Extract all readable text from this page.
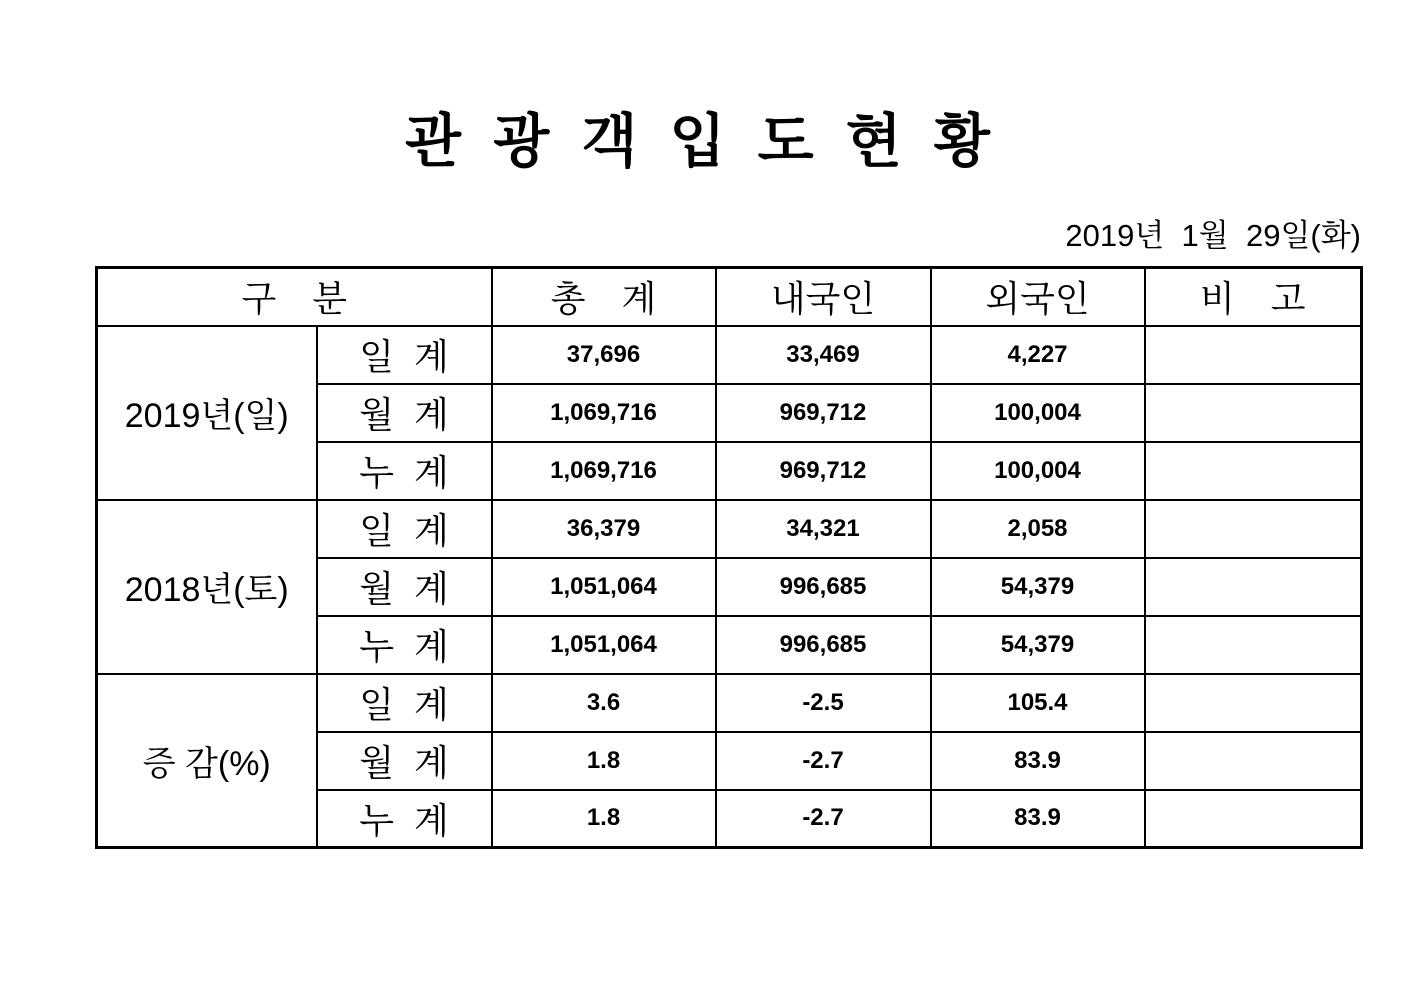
관 광 객 입 도 현 황
2019년  1월  29일(화)
구　분		총　계	내국인	외국인	비　고
2019년(일)	일  계	37,696	33,469	4,227	
	월  계	1,069,716	969,712	100,004	
	누  계	1,069,716	969,712	100,004	
2018년(토)	일  계	36,379	34,321	2,058	
	월  계	1,051,064	996,685	54,379	
	누  계	1,051,064	996,685	54,379	
증 감(%)	일  계	3.6	-2.5	105.4	
	월  계	1.8	-2.7	83.9	
	누  계	1.8	-2.7	83.9	
